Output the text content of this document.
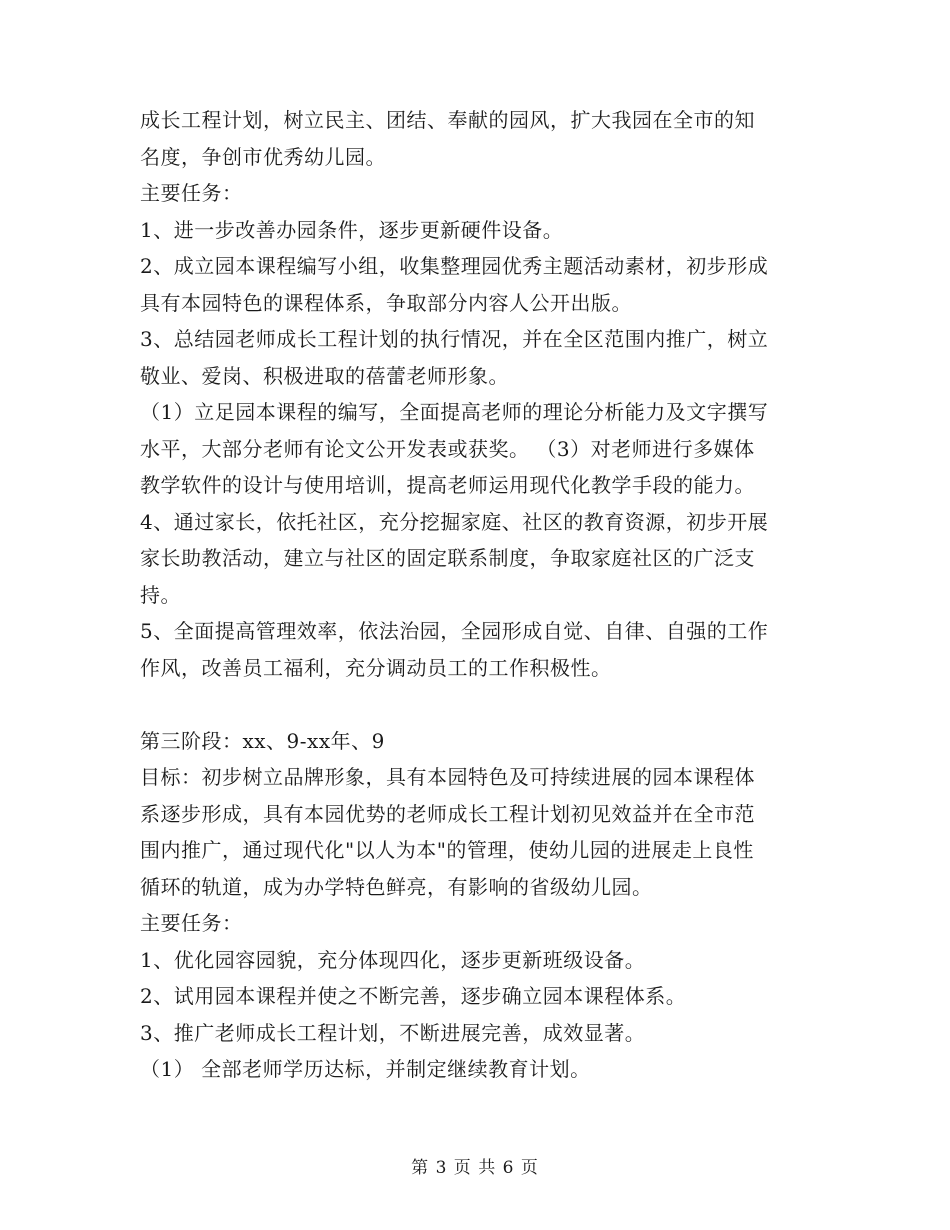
成长工程计划，树立民主、团结、奉献的园风，扩大我园在全市的知
名度，争创市优秀幼儿园。
主要任务：
1、进一步改善办园条件，逐步更新硬件设备。
2、成立园本课程编写小组，收集整理园优秀主题活动素材，初步形成
具有本园特色的课程体系，争取部分内容人公开出版。
3、总结园老师成长工程计划的执行情况，并在全区范围内推广，树立
敬业、爱岗、积极进取的蓓蕾老师形象。
（1）立足园本课程的编写，全面提高老师的理论分析能力及文字撰写
水平，大部分老师有论文公开发表或获奖。 （3）对老师进行多媒体
教学软件的设计与使用培训，提高老师运用现代化教学手段的能力。
4、通过家长，依托社区，充分挖掘家庭、社区的教育资源，初步开展
家长助教活动，建立与社区的固定联系制度，争取家庭社区的广泛支
持。
5、全面提高管理效率，依法治园，全园形成自觉、自律、自强的工作
作风，改善员工福利，充分调动员工的工作积极性。
第三阶段：xx、9-xx年、9
目标：初步树立品牌形象，具有本园特色及可持续进展的园本课程体
系逐步形成，具有本园优势的老师成长工程计划初见效益并在全市范
围内推广，通过现代化"以人为本"的管理，使幼儿园的进展走上良性
循环的轨道，成为办学特色鲜亮，有影响的省级幼儿园。
主要任务：
1、优化园容园貌，充分体现四化，逐步更新班级设备。
2、试用园本课程并使之不断完善，逐步确立园本课程体系。
3、推广老师成长工程计划，不断进展完善，成效显著。
（1） 全部老师学历达标，并制定继续教育计划。
第 3 页 共 6 页
